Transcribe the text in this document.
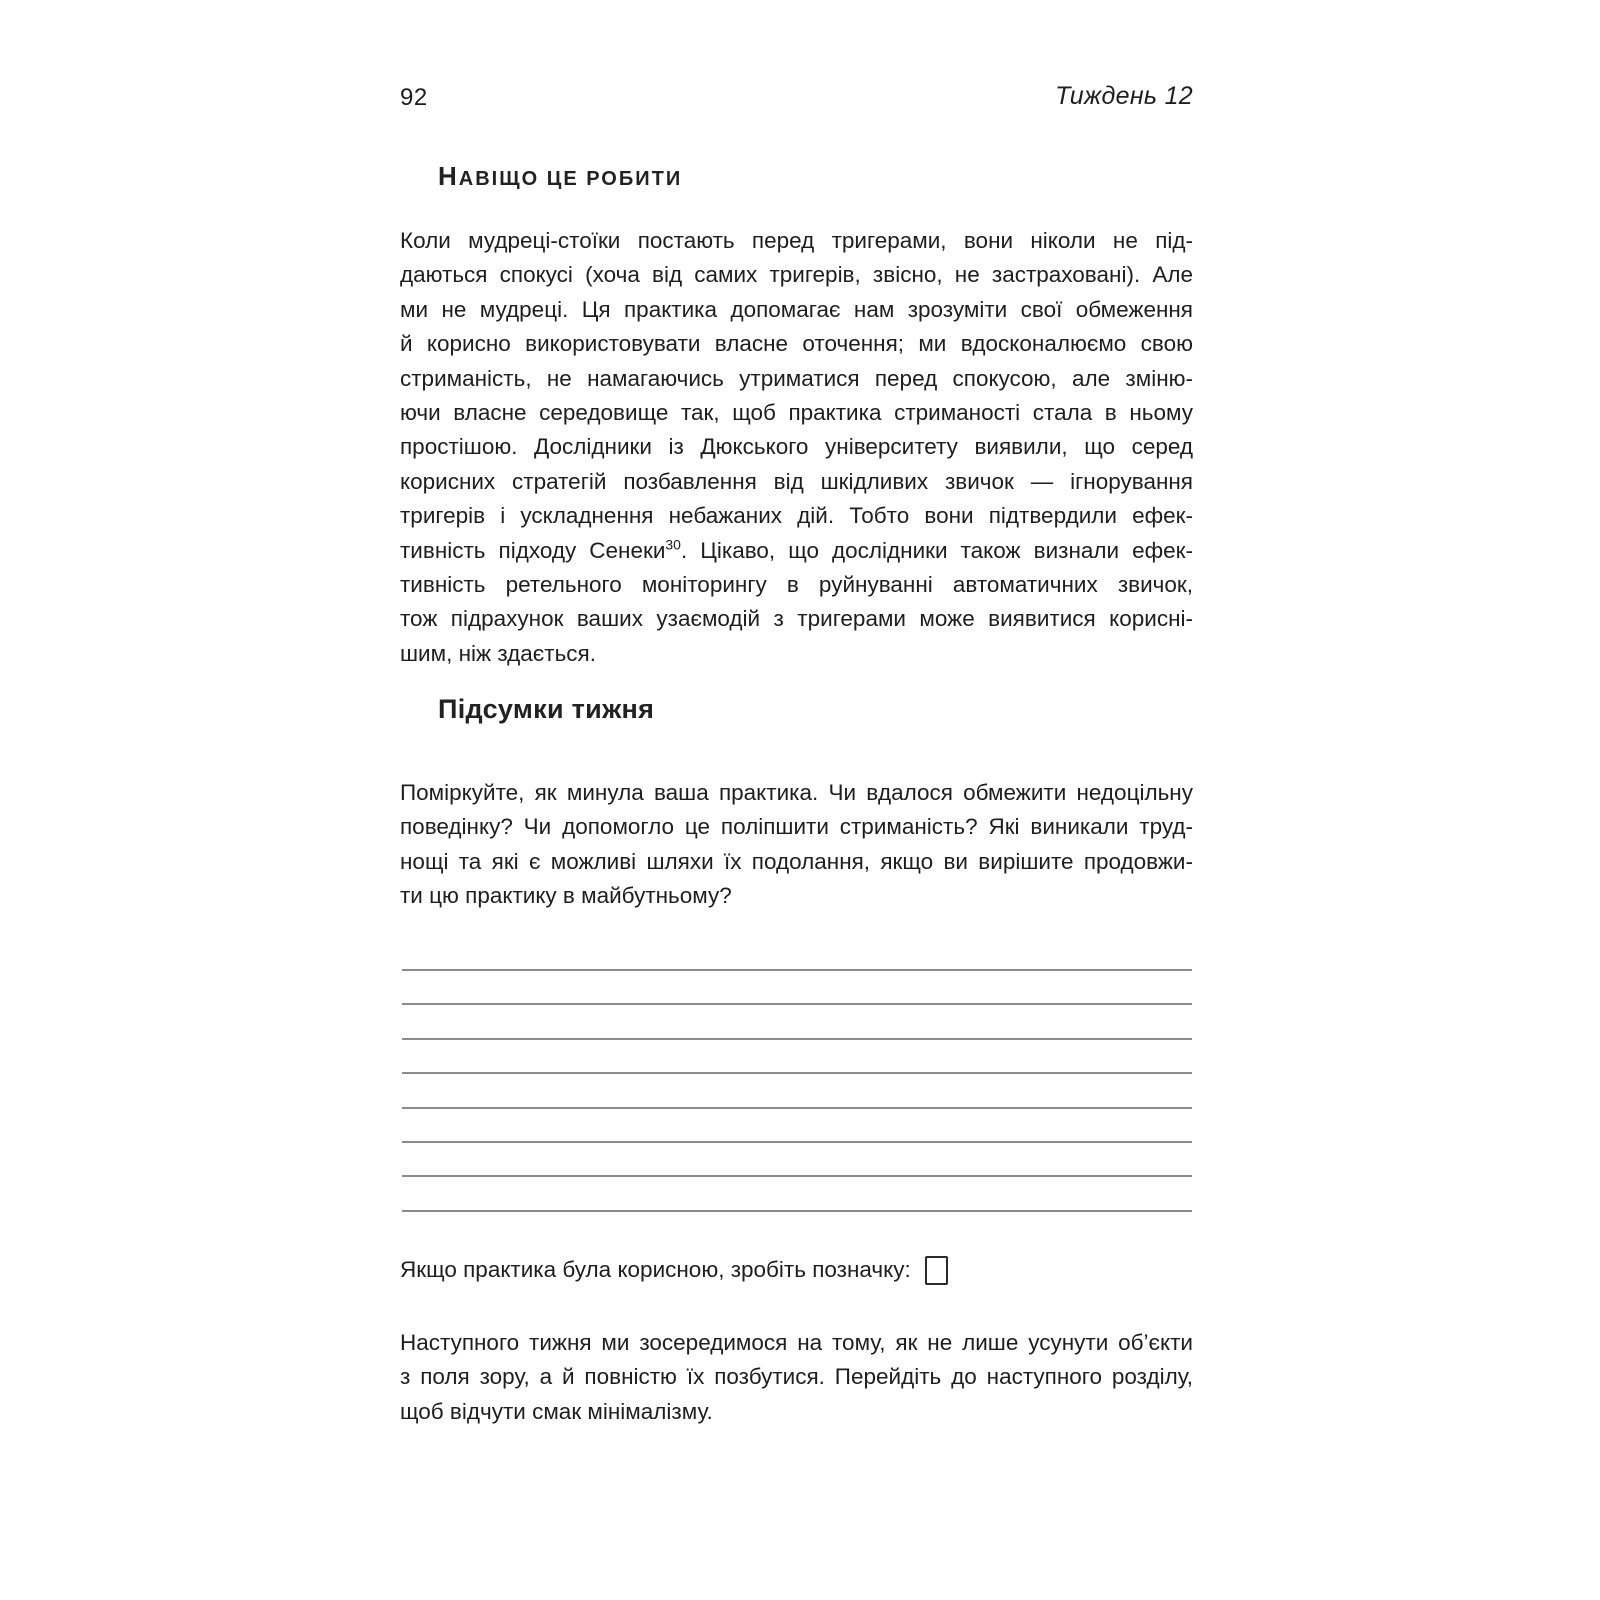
92	Тиждень 12
НАВІЩО ЦЕ РОБИТИ
Коли мудреці-стоїки постають перед тригерами, вони ніколи не під-
даються спокусі (хоча від самих тригерів, звісно, не застраховані). Але
ми не мудреці. Ця практика допомагає нам зрозуміти свої обмеження
й корисно використовувати власне оточення; ми вдосконалюємо свою
стриманість, не намагаючись утриматися перед спокусою, але зміню-
ючи власне середовище так, щоб практика стриманості стала в ньому
простішою. Дослідники із Дюкського університету виявили, що серед
корисних стратегій позбавлення від шкідливих звичок — ігнорування
тригерів і ускладнення небажаних дій. Тобто вони підтвердили ефек-
тивність підходу Сенеки$^{30}$. Цікаво, що дослідники також визнали ефек-
тивність ретельного моніторингу в руйнуванні автоматичних звичок,
тож підрахунок ваших узаємодій з тригерами може виявитися корисні-
шим, ніж здається.
Підсумки тижня
Поміркуйте, як минула ваша практика. Чи вдалося обмежити недоцільну
поведінку? Чи допомогло це поліпшити стриманість? Які виникали труд-
нощі та які є можливі шляхи їх подолання, якщо ви вирішите продовжи-
ти цю практику в майбутньому?
Якщо практика була корисною, зробіть позначку:
Наступного тижня ми зосередимося на тому, як не лише усунути об’єкти
з поля зору, а й повністю їх позбутися. Перейдіть до наступного розділу,
щоб відчути смак мінімалізму.
